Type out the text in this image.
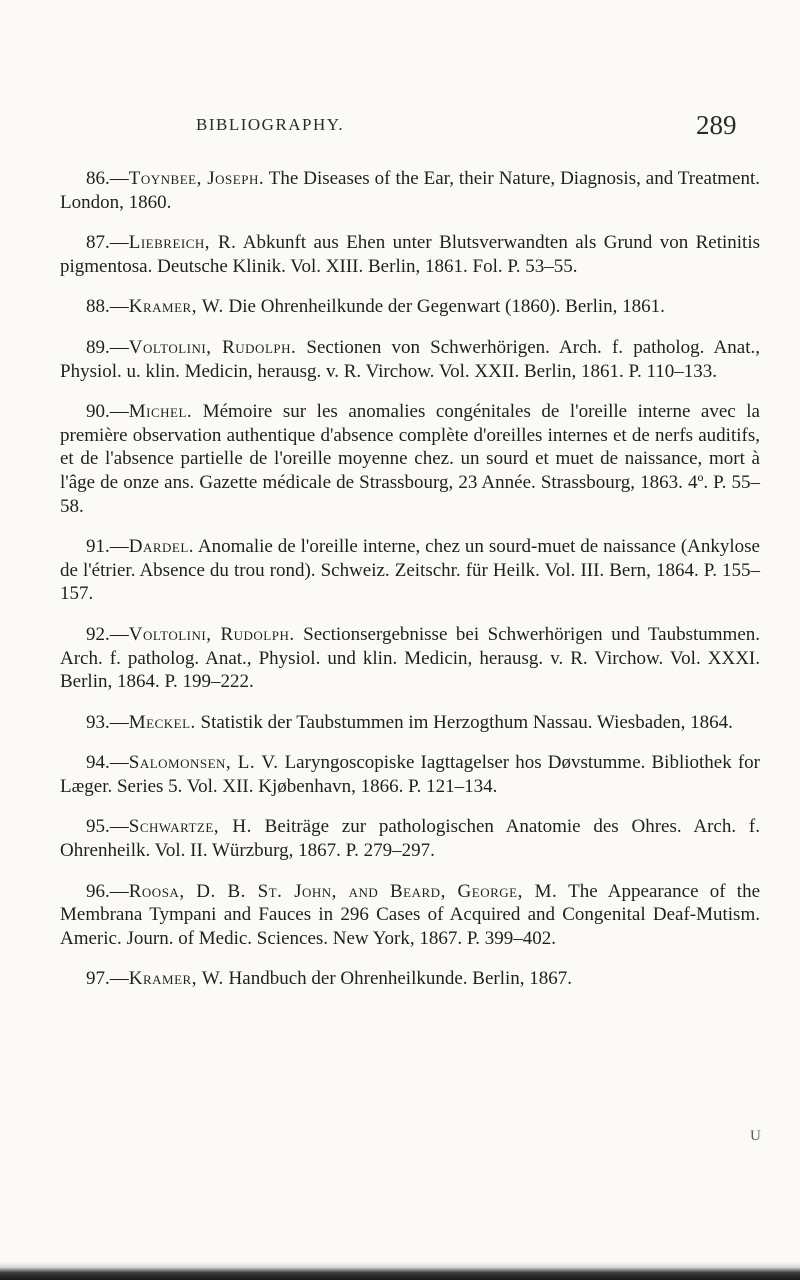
BIBLIOGRAPHY.	289

86.—Toynbee, Joseph. The Diseases of the Ear, their Nature, Diagnosis, and Treatment. London, 1860.

87.—Liebreich, R. Abkunft aus Ehen unter Blutsverwandten als Grund von Retinitis pigmentosa. Deutsche Klinik. Vol. XIII. Berlin, 1861. Fol. P. 53–55.

88.—Kramer, W. Die Ohrenheilkunde der Gegenwart (1860). Berlin, 1861.

89.—Voltolini, Rudolph. Sectionen von Schwerhörigen. Arch. f. patholog. Anat., Physiol. u. klin. Medicin, herausg. v. R. Virchow. Vol. XXII. Berlin, 1861. P. 110–133.

90.—Michel. Mémoire sur les anomalies congénitales de l'oreille interne avec la première observation authentique d'absence complète d'oreilles internes et de nerfs auditifs, et de l'absence partielle de l'oreille moyenne chez. un sourd et muet de naissance, mort à l'âge de onze ans. Gazette médicale de Strassbourg, 23 Année. Strassbourg, 1863. 4º. P. 55–58.

91.—Dardel. Anomalie de l'oreille interne, chez un sourd-muet de naissance (Ankylose de l'étrier. Absence du trou rond). Schweiz. Zeitschr. für Heilk. Vol. III. Bern, 1864. P. 155–157.

92.—Voltolini, Rudolph. Sectionsergebnisse bei Schwerhörigen und Taubstummen. Arch. f. patholog. Anat., Physiol. und klin. Medicin, herausg. v. R. Virchow. Vol. XXXI. Berlin, 1864. P. 199–222.

93.—Meckel. Statistik der Taubstummen im Herzogthum Nassau. Wiesbaden, 1864.

94.—Salomonsen, L. V. Laryngoscopiske Iagttagelser hos Døvstumme. Bibliothek for Læger. Series 5. Vol. XII. Kjøbenhavn, 1866. P. 121–134.

95.—Schwartze, H. Beiträge zur pathologischen Anatomie des Ohres. Arch. f. Ohrenheilk. Vol. II. Würzburg, 1867. P. 279–297.

96.—Roosa, D. B. St. John, and Beard, George, M. The Appearance of the Membrana Tympani and Fauces in 296 Cases of Acquired and Congenital Deaf-Mutism. Americ. Journ. of Medic. Sciences. New York, 1867. P. 399–402.

97.—Kramer, W. Handbuch der Ohrenheilkunde. Berlin, 1867.

U
